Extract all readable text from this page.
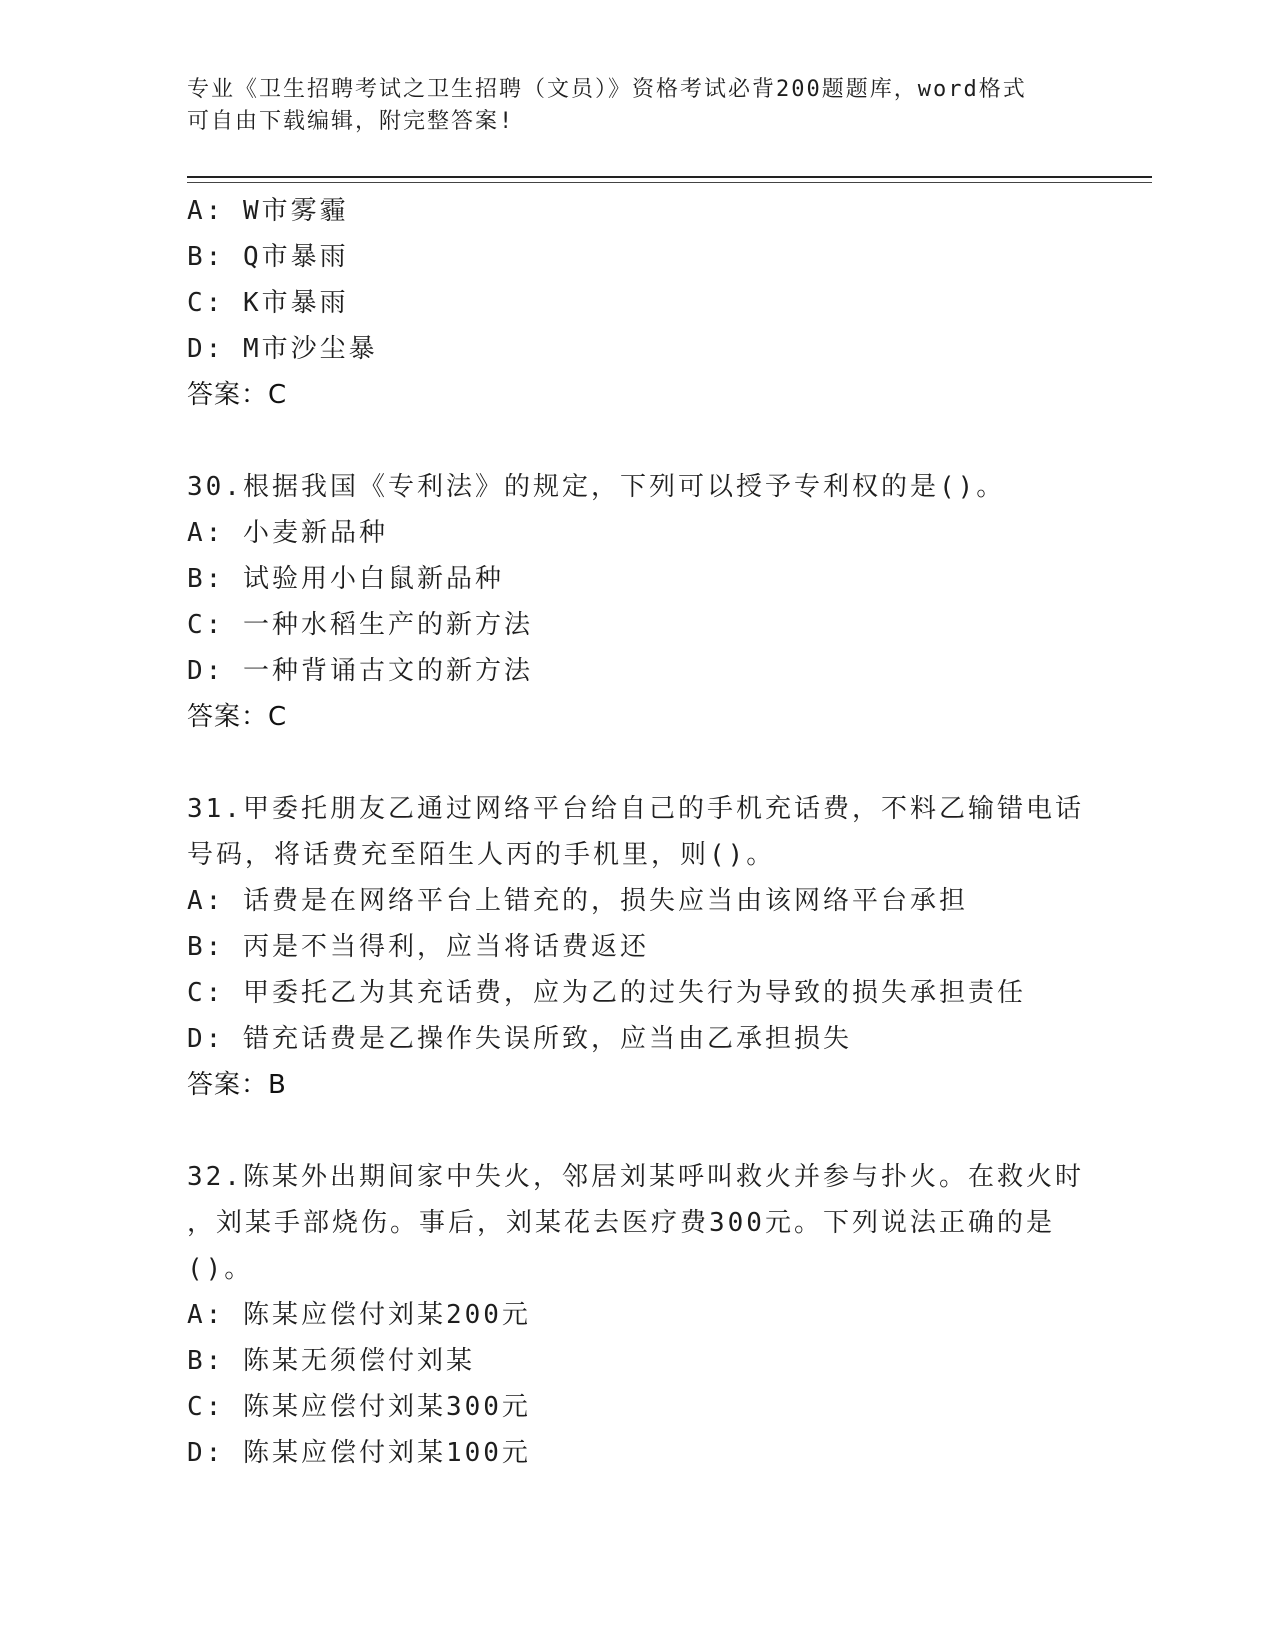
专业《卫生招聘考试之卫生招聘（文员）》资格考试必背200题题库，word格式
可自由下载编辑，附完整答案!
A: W市雾霾
B: Q市暴雨
C: K市暴雨
D: M市沙尘暴
答案：C
30.根据我国《专利法》的规定，下列可以授予专利权的是()。
A: 小麦新品种
B: 试验用小白鼠新品种
C: 一种水稻生产的新方法
D: 一种背诵古文的新方法
答案：C
31.甲委托朋友乙通过网络平台给自己的手机充话费，不料乙输错电话
号码，将话费充至陌生人丙的手机里，则()。
A: 话费是在网络平台上错充的，损失应当由该网络平台承担
B: 丙是不当得利，应当将话费返还
C: 甲委托乙为其充话费，应为乙的过失行为导致的损失承担责任
D: 错充话费是乙操作失误所致，应当由乙承担损失
答案：B
32.陈某外出期间家中失火，邻居刘某呼叫救火并参与扑火。在救火时
，刘某手部烧伤。事后，刘某花去医疗费300元。下列说法正确的是
()。
A: 陈某应偿付刘某200元
B: 陈某无须偿付刘某
C: 陈某应偿付刘某300元
D: 陈某应偿付刘某100元
